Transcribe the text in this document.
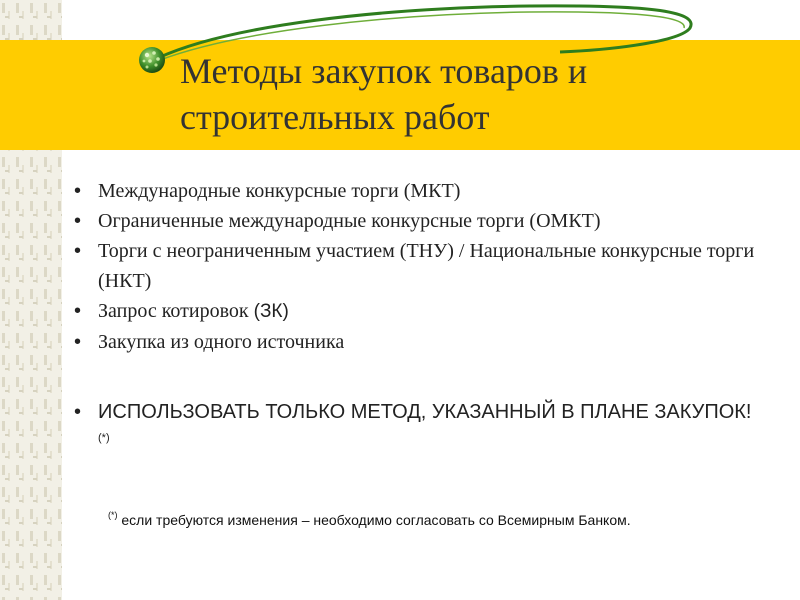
Методы закупок товаров и
строительных работ
• Международные конкурсные торги (МКТ)
• Ограниченные международные конкурсные торги (ОМКТ)
• Торги с неограниченным участием (ТНУ) / Национальные конкурсные торги (НКТ)
• Запрос котировок (ЗК)
• Закупка из одного источника
• ИСПОЛЬЗОВАТЬ ТОЛЬКО МЕТОД, УКАЗАННЫЙ В ПЛАНЕ ЗАКУПОК! (*)
(*) если требуются изменения – необходимо согласовать со Всемирным Банком.
